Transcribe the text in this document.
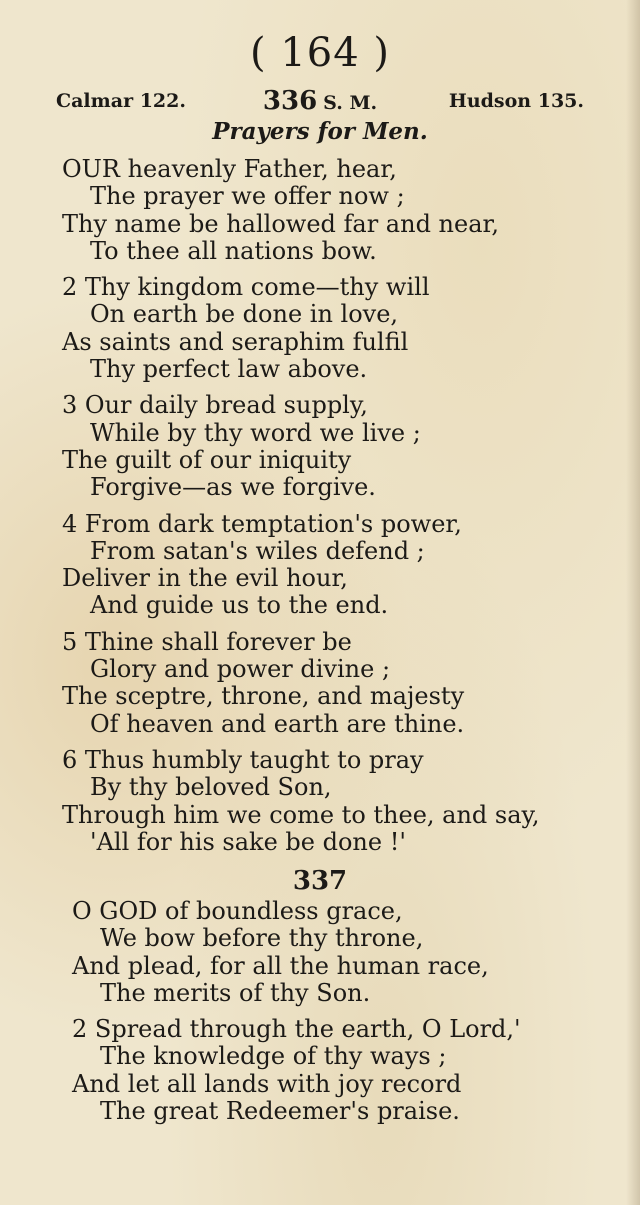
( 164 )
Calmar 122.	336 S. M.	Hudson 135.
Prayers for Men.
OUR heavenly Father, hear,
The prayer we offer now ;
Thy name be hallowed far and near,
To thee all nations bow.
2 Thy kingdom come—thy will
On earth be done in love,
As saints and seraphim fulfil
Thy perfect law above.
3 Our daily bread supply,
While by thy word we live ;
The guilt of our iniquity
Forgive—as we forgive.
4 From dark temptation's power,
From satan's wiles defend ;
Deliver in the evil hour,
And guide us to the end.
5 Thine shall forever be
Glory and power divine ;
The sceptre, throne, and majesty
Of heaven and earth are thine.
6 Thus humbly taught to pray
By thy beloved Son,
Through him we come to thee, and say,
'All for his sake be done !'
337
O GOD of boundless grace,
We bow before thy throne,
And plead, for all the human race,
The merits of thy Son.
2 Spread through the earth, O Lord,'
The knowledge of thy ways ;
And let all lands with joy record
The great Redeemer's praise.
